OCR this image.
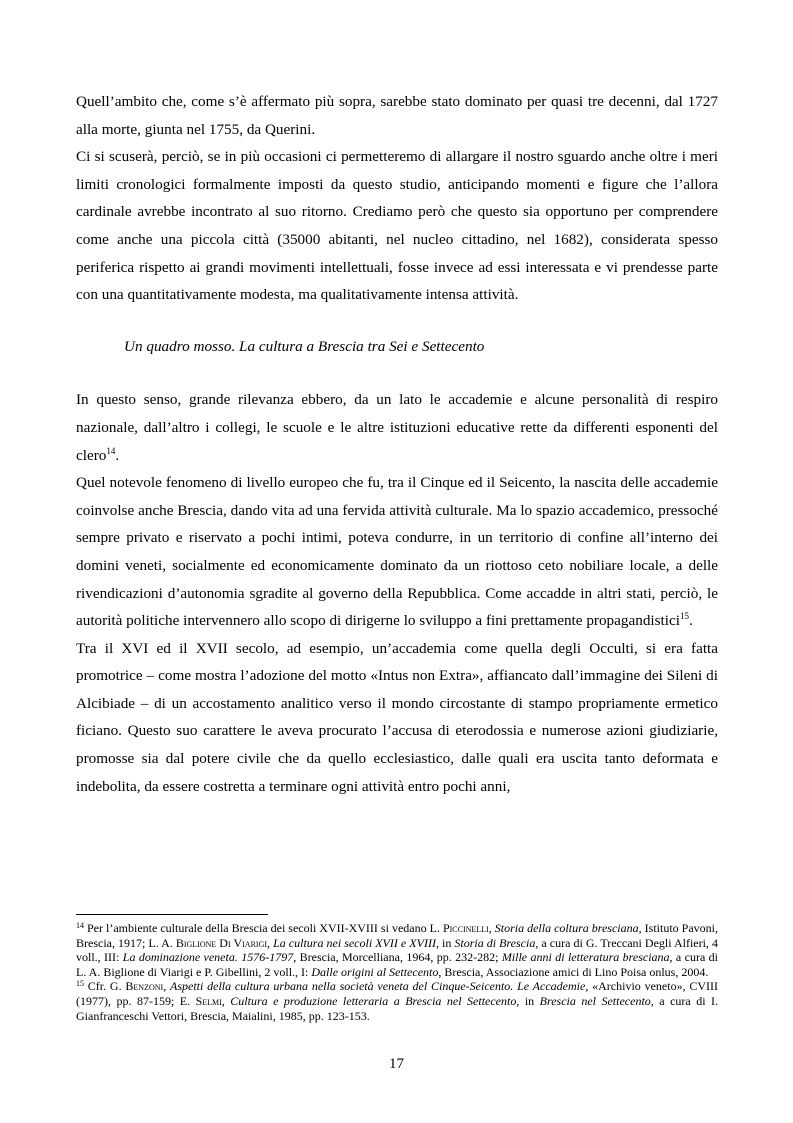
Quell’ambito che, come s’è affermato più sopra, sarebbe stato dominato per quasi tre decenni, dal 1727 alla morte, giunta nel 1755, da Querini.

Ci si scuserà, perciò, se in più occasioni ci permetteremo di allargare il nostro sguardo anche oltre i meri limiti cronologici formalmente imposti da questo studio, anticipando momenti e figure che l’allora cardinale avrebbe incontrato al suo ritorno. Crediamo però che questo sia opportuno per comprendere come anche una piccola città (35000 abitanti, nel nucleo cittadino, nel 1682), considerata spesso periferica rispetto ai grandi movimenti intellettuali, fosse invece ad essi interessata e vi prendesse parte con una quantitativamente modesta, ma qualitativamente intensa attività.

Un quadro mosso. La cultura a Brescia tra Sei e Settecento

In questo senso, grande rilevanza ebbero, da un lato le accademie e alcune personalità di respiro nazionale, dall’altro i collegi, le scuole e le altre istituzioni educative rette da differenti esponenti del clero$^{14}$.

Quel notevole fenomeno di livello europeo che fu, tra il Cinque ed il Seicento, la nascita delle accademie coinvolse anche Brescia, dando vita ad una fervida attività culturale. Ma lo spazio accademico, pressoché sempre privato e riservato a pochi intimi, poteva condurre, in un territorio di confine all’interno dei domini veneti, socialmente ed economicamente dominato da un riottoso ceto nobiliare locale, a delle rivendicazioni d’autonomia sgradite al governo della Repubblica. Come accadde in altri stati, perciò, le autorità politiche intervennero allo scopo di dirigerne lo sviluppo a fini prettamente propagandistici$^{15}$.

Tra il XVI ed il XVII secolo, ad esempio, un’accademia come quella degli Occulti, si era fatta promotrice – come mostra l’adozione del motto «Intus non Extra», affiancato dall’immagine dei Sileni di Alcibiade – di un accostamento analitico verso il mondo circostante di stampo propriamente ermetico ficiano. Questo suo carattere le aveva procurato l’accusa di eterodossia e numerose azioni giudiziarie, promosse sia dal potere civile che da quello ecclesiastico, dalle quali era uscita tanto deformata e indebolita, da essere costretta a terminare ogni attività entro pochi anni,

$^{14}$ Per l’ambiente culturale della Brescia dei secoli XVII-XVIII si vedano L. Piccinelli, Storia della coltura bresciana, Istituto Pavoni, Brescia, 1917; L. A. Biglione Di Viarigi, La cultura nei secoli XVII e XVIII, in Storia di Brescia, a cura di G. Treccani Degli Alfieri, 4 voll., III: La dominazione veneta. 1576-1797, Brescia, Morcelliana, 1964, pp. 232-282; Mille anni di letteratura bresciana, a cura di L. A. Biglione di Viarigi e P. Gibellini, 2 voll., I: Dalle origini al Settecento, Brescia, Associazione amici di Lino Poisa onlus, 2004.

$^{15}$ Cfr. G. Benzoni, Aspetti della cultura urbana nella società veneta del Cinque-Seicento. Le Accademie, «Archivio veneto», CVIII (1977), pp. 87-159; E. Selmi, Cultura e produzione letteraria a Brescia nel Settecento, in Brescia nel Settecento, a cura di I. Gianfranceschi Vettori, Brescia, Maialini, 1985, pp. 123-153.

17
